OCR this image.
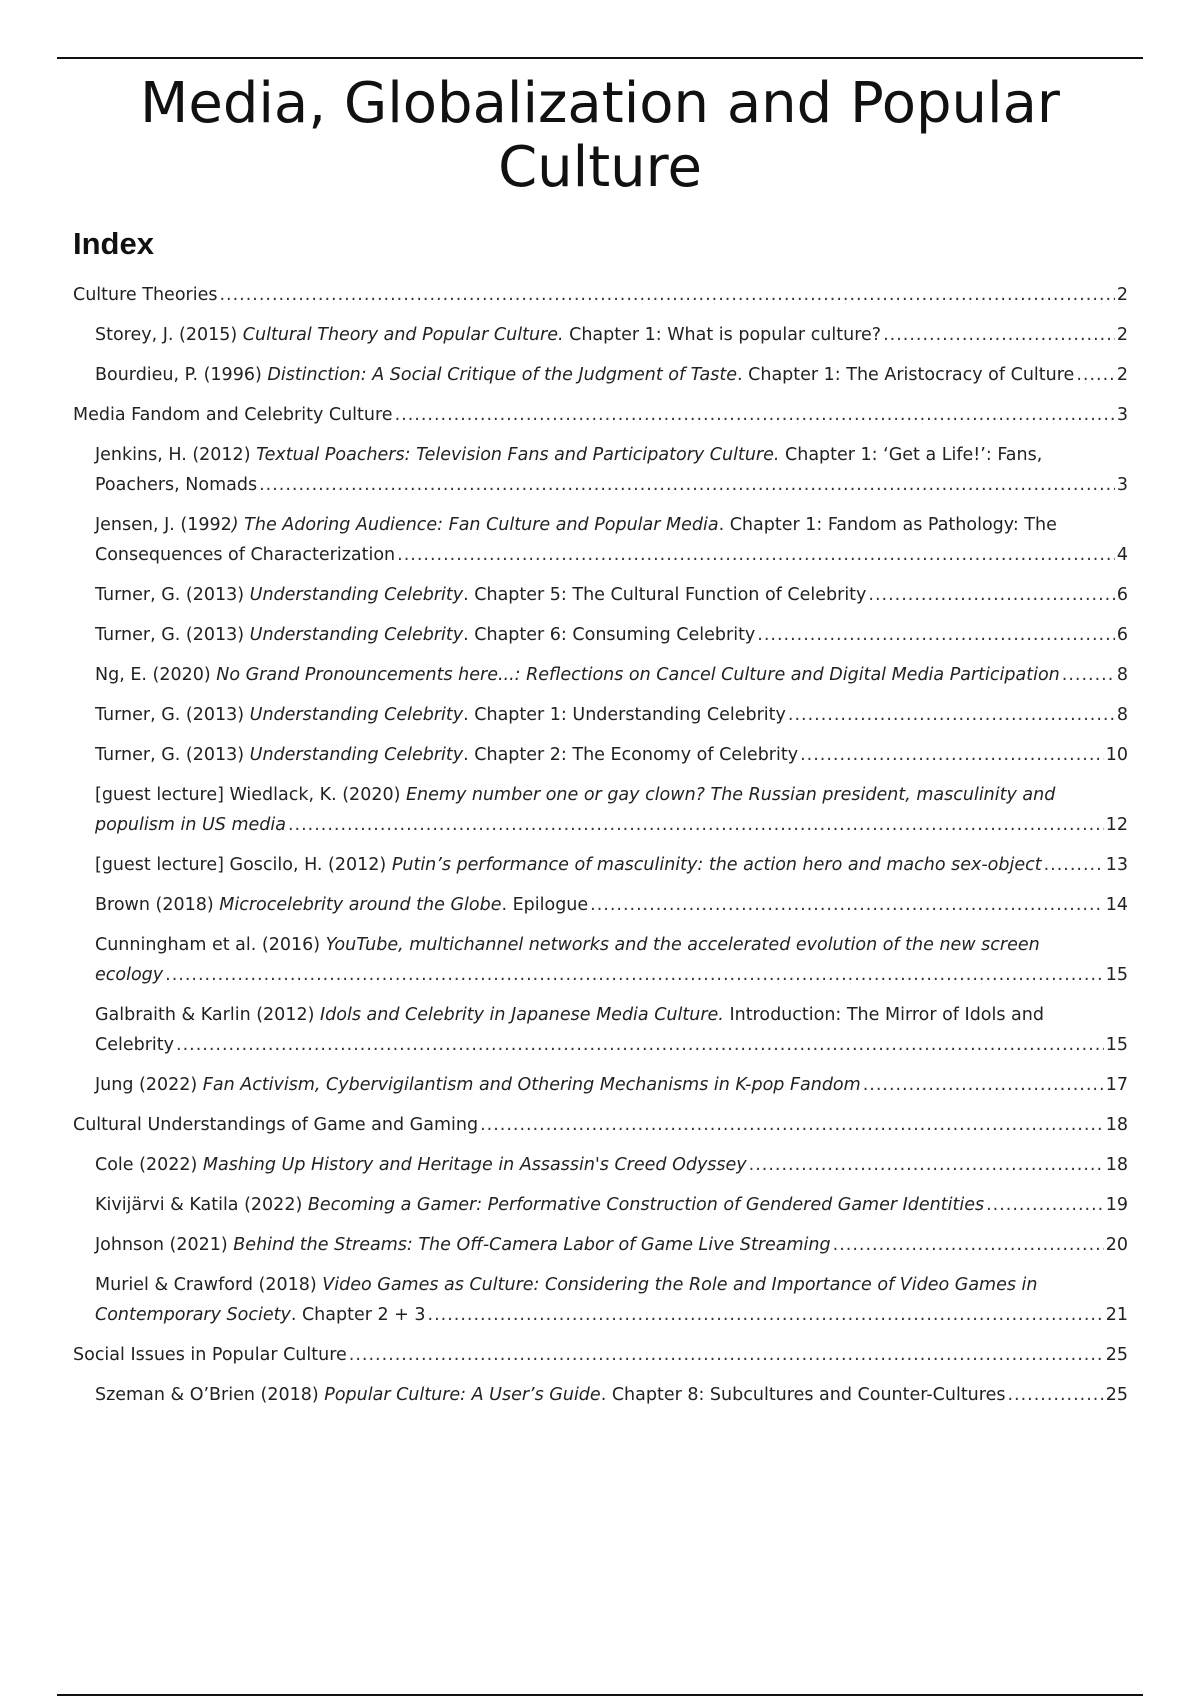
Media, Globalization and Popular Culture
Index
Culture Theories .....	2
Storey, J. (2015) Cultural Theory and Popular Culture. Chapter 1: What is popular culture? .....	2
Bourdieu, P. (1996) Distinction: A Social Critique of the Judgment of Taste. Chapter 1: The Aristocracy of Culture ..... 2
Media Fandom and Celebrity Culture .....	3
Jenkins, H. (2012) Textual Poachers: Television Fans and Participatory Culture. Chapter 1: ‘Get a Life!’: Fans,
Poachers, Nomads .....	3
Jensen, J. (1992) The Adoring Audience: Fan Culture and Popular Media. Chapter 1: Fandom as Pathology: The
Consequences of Characterization .....	4
Turner, G. (2013) Understanding Celebrity. Chapter 5: The Cultural Function of Celebrity .....	6
Turner, G. (2013) Understanding Celebrity. Chapter 6: Consuming Celebrity .....	6
Ng, E. (2020) No Grand Pronouncements here...: Reflections on Cancel Culture and Digital Media Participation .....	8
Turner, G. (2013) Understanding Celebrity. Chapter 1: Understanding Celebrity .....	8
Turner, G. (2013) Understanding Celebrity. Chapter 2: The Economy of Celebrity .....	10
[guest lecture] Wiedlack, K. (2020) Enemy number one or gay clown? The Russian president, masculinity and
populism in US media .....	12
[guest lecture] Goscilo, H. (2012) Putin’s performance of masculinity: the action hero and macho sex-object .....	13
Brown (2018) Microcelebrity around the Globe. Epilogue .....	14
Cunningham et al. (2016) YouTube, multichannel networks and the accelerated evolution of the new screen
ecology .....	15
Galbraith & Karlin (2012) Idols and Celebrity in Japanese Media Culture. Introduction: The Mirror of Idols and
Celebrity .....	15
Jung (2022) Fan Activism, Cybervigilantism and Othering Mechanisms in K-pop Fandom .....	17
Cultural Understandings of Game and Gaming .....	18
Cole (2022) Mashing Up History and Heritage in Assassin's Creed Odyssey .....	18
Kivijärvi & Katila (2022) Becoming a Gamer: Performative Construction of Gendered Gamer Identities .....	19
Johnson (2021) Behind the Streams: The Off-Camera Labor of Game Live Streaming .....	20
Muriel & Crawford (2018) Video Games as Culture: Considering the Role and Importance of Video Games in
Contemporary Society. Chapter 2 + 3 .....	21
Social Issues in Popular Culture .....	25
Szeman & O’Brien (2018) Popular Culture: A User’s Guide. Chapter 8: Subcultures and Counter-Cultures .....	25
